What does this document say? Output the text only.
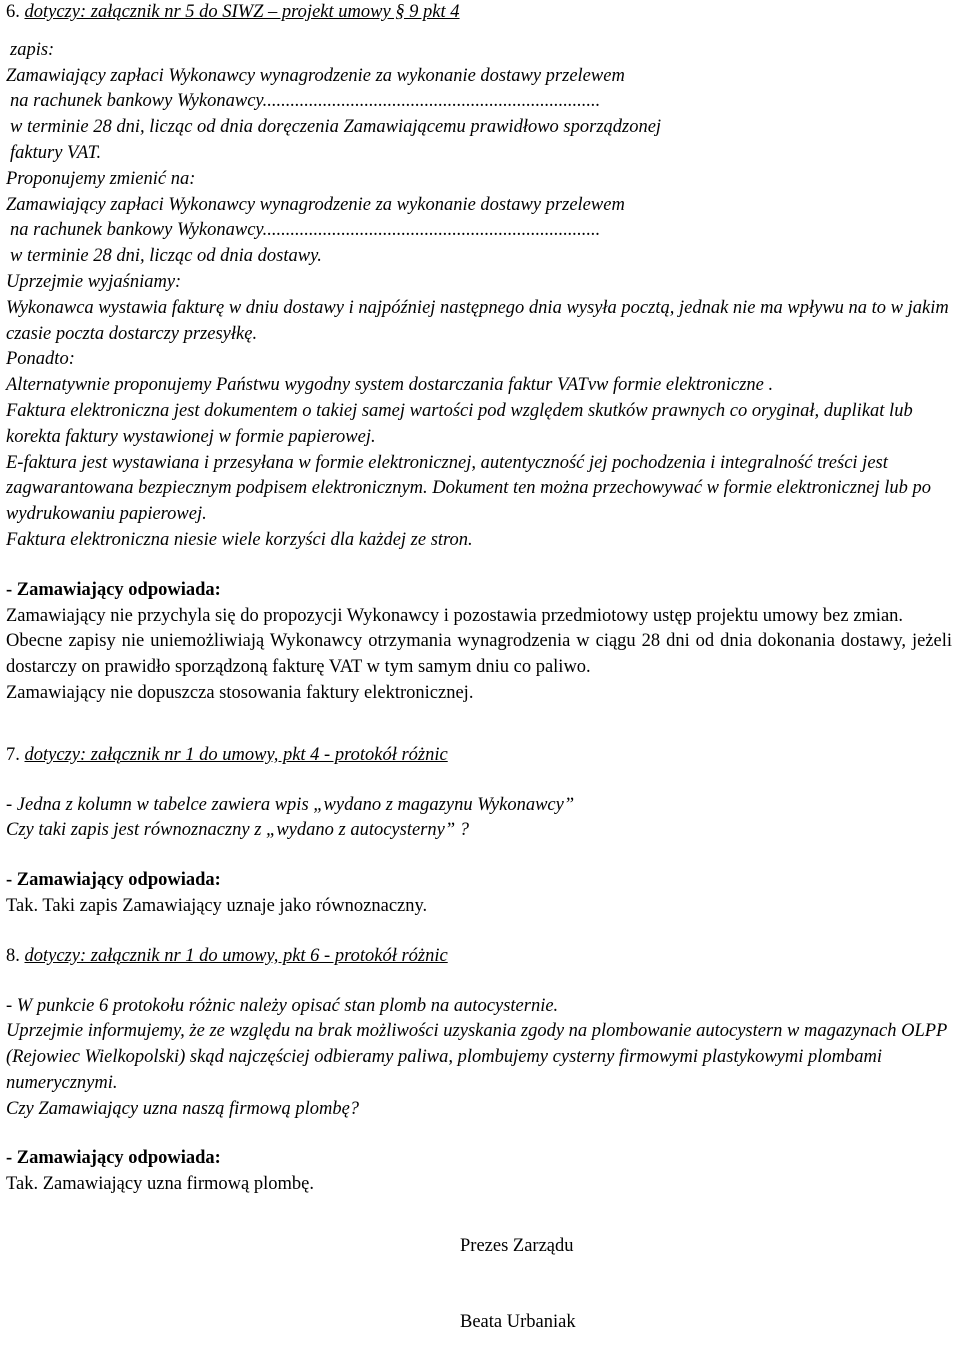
6. dotyczy: załącznik nr 5 do SIWZ – projekt umowy § 9 pkt 4
zapis:
Zamawiający zapłaci Wykonawcy wynagrodzenie za wykonanie dostawy przelewem
na rachunek bankowy Wykonawcy.........................................................................
w terminie 28 dni, licząc od dnia doręczenia Zamawiającemu prawidłowo sporządzonej
faktury VAT.
Proponujemy zmienić na:
Zamawiający zapłaci Wykonawcy wynagrodzenie za wykonanie dostawy przelewem
na rachunek bankowy Wykonawcy.........................................................................
w terminie 28 dni, licząc od dnia dostawy.
Uprzejmie wyjaśniamy:
Wykonawca wystawia fakturę w dniu dostawy i najpóźniej następnego dnia wysyła pocztą, jednak nie ma wpływu na to w jakim czasie poczta dostarczy przesyłkę.
Ponadto:
Alternatywnie proponujemy Państwu wygodny system dostarczania faktur VATvw formie elektroniczne .
Faktura elektroniczna jest dokumentem o takiej samej wartości pod względem skutków prawnych co oryginał, duplikat lub korekta faktury wystawionej w formie papierowej.
E-faktura jest wystawiana i przesyłana w formie elektronicznej, autentyczność jej pochodzenia i integralność treści jest zagwarantowana bezpiecznym podpisem elektronicznym. Dokument ten można przechowywać w formie elektronicznej lub po wydrukowaniu papierowej.
Faktura elektroniczna niesie wiele korzyści dla każdej ze stron.
- Zamawiający odpowiada:
Zamawiający nie przychyla się do propozycji Wykonawcy i pozostawia przedmiotowy ustęp projektu umowy bez zmian.
Obecne zapisy nie uniemożliwiają Wykonawcy otrzymania wynagrodzenia w ciągu 28 dni od dnia dokonania dostawy, jeżeli dostarczy on prawidło sporządzoną fakturę VAT w tym samym dniu co paliwo.
Zamawiający nie dopuszcza stosowania faktury elektronicznej.
7. dotyczy: załącznik nr 1 do umowy, pkt 4 - protokół różnic
- Jedna z kolumn w tabelce zawiera wpis „wydano z magazynu Wykonawcy”
Czy taki zapis jest równoznaczny z „wydano z autocysterny” ?
- Zamawiający odpowiada:
Tak. Taki zapis Zamawiający uznaje jako równoznaczny.
8. dotyczy: załącznik nr 1 do umowy, pkt 6 - protokół różnic
- W punkcie 6 protokołu różnic należy opisać stan plomb na autocysternie.
Uprzejmie informujemy, że ze względu na brak możliwości uzyskania zgody na plombowanie autocystern w magazynach OLPP (Rejowiec Wielkopolski) skąd najczęściej odbieramy paliwa, plombujemy cysterny firmowymi plastykowymi plombami numerycznymi.
Czy Zamawiający uzna naszą firmową plombę?
- Zamawiający odpowiada:
Tak. Zamawiający uzna firmową plombę.
Prezes Zarządu
Beata Urbaniak
